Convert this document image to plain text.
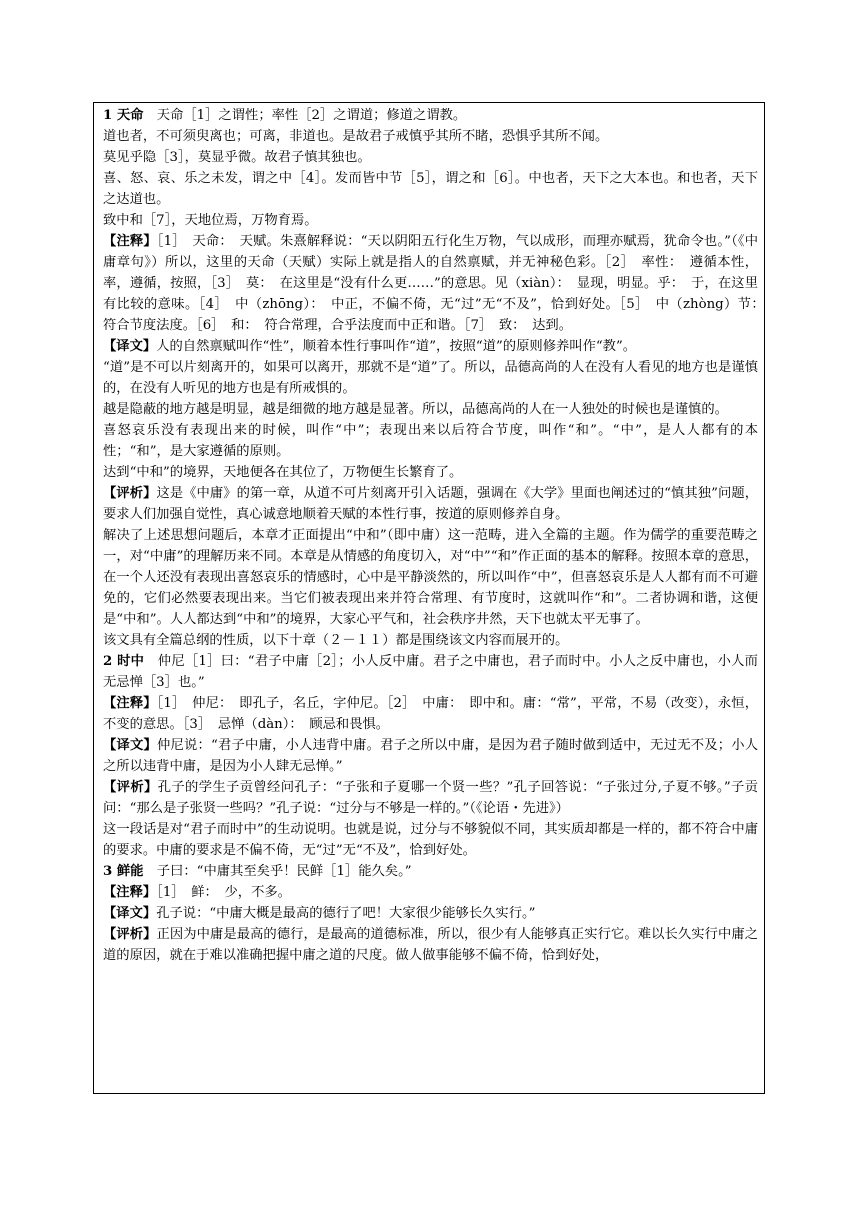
1 天命　天命［1］之谓性；率性［2］之谓道；修道之谓教。

道也者，不可须臾离也；可离，非道也。是故君子戒慎乎其所不睹，恐惧乎其所不闻。

莫见乎隐［3］，莫显乎微。故君子慎其独也。

喜、怒、哀、乐之未发，谓之中［4］。发而皆中节［5］，谓之和［6］。中也者，天下之大本也。和也者，天下之达道也。

致中和［7］，天地位焉，万物育焉。

【注释】［1］　天命：　天赋。朱熹解释说：“天以阴阳五行化生万物，气以成形，而理亦赋焉，犹命令也。”（《中庸章句》）所以，这里的天命（天赋）实际上就是指人的自然禀赋，并无神秘色彩。［2］　率性：　遵循本性，率，遵循，按照，［3］　莫：　在这里是“没有什么更……”的意思。见（xiàn）：　显现，明显。乎：　于，在这里有比较的意味。［4］　中（zhōng）：　中正，不偏不倚，无“过”无“不及”，恰到好处。［5］　中（zhòng）节：　符合节度法度。［6］　和：　符合常理，合乎法度而中正和谐。［7］　致：　达到。

【译文】人的自然禀赋叫作“性”，顺着本性行事叫作“道”，按照“道”的原则修养叫作“教”。

“道”是不可以片刻离开的，如果可以离开，那就不是“道”了。所以，品德高尚的人在没有人看见的地方也是谨慎的，在没有人听见的地方也是有所戒惧的。

越是隐蔽的地方越是明显，越是细微的地方越是显著。所以，品德高尚的人在一人独处的时候也是谨慎的。

喜怒哀乐没有表现出来的时候，叫作“中”；表现出来以后符合节度，叫作“和”。“中”，是人人都有的本性；“和”，是大家遵循的原则。

达到“中和”的境界，天地便各在其位了，万物便生长繁育了。

【评析】这是《中庸》的第一章，从道不可片刻离开引入话题，强调在《大学》里面也阐述过的“慎其独”问题，要求人们加强自觉性，真心诚意地顺着天赋的本性行事，按道的原则修养自身。

解决了上述思想问题后，本章才正面提出“中和”（即中庸）这一范畴，进入全篇的主题。作为儒学的重要范畴之一，对“中庸”的理解历来不同。本章是从情感的角度切入，对“中”“和”作正面的基本的解释。按照本章的意思，在一个人还没有表现出喜怒哀乐的情感时，心中是平静淡然的，所以叫作“中”，但喜怒哀乐是人人都有而不可避免的，它们必然要表现出来。当它们被表现出来并符合常理、有节度时，这就叫作“和”。二者协调和谐，这便是“中和”。人人都达到“中和”的境界，大家心平气和，社会秩序井然，天下也就太平无事了。

该文具有全篇总纲的性质，以下十章（２－１１）都是围绕该文内容而展开的。

2 时中　仲尼［1］曰：“君子中庸［2］；小人反中庸。君子之中庸也，君子而时中。小人之反中庸也，小人而无忌惮［3］也。”

【注释】［1］　仲尼：　即孔子，名丘，字仲尼。［2］　中庸：　即中和。庸：“常”，平常，不易（改变），永恒，不变的意思。［3］　忌惮（dàn）：　顾忌和畏惧。

【译文】仲尼说：“君子中庸，小人违背中庸。君子之所以中庸，是因为君子随时做到适中，无过无不及；小人之所以违背中庸，是因为小人肆无忌惮。”

【评析】孔子的学生子贡曾经问孔子：“子张和子夏哪一个贤一些？”孔子回答说：“子张过分,子夏不够。”子贡问：“那么是子张贤一些吗？”孔子说：“过分与不够是一样的。”（《论语・先进》）

这一段话是对“君子而时中”的生动说明。也就是说，过分与不够貌似不同，其实质却都是一样的，都不符合中庸的要求。中庸的要求是不偏不倚，无“过”无“不及”，恰到好处。

3 鲜能　子曰：“中庸其至矣乎！民鲜［1］能久矣。”

【注释】［1］　鲜：　少，不多。

【译文】孔子说：“中庸大概是最高的德行了吧！大家很少能够长久实行。”

【评析】正因为中庸是最高的德行，是最高的道德标准，所以，很少有人能够真正实行它。难以长久实行中庸之道的原因，就在于难以准确把握中庸之道的尺度。做人做事能够不偏不倚，恰到好处，
